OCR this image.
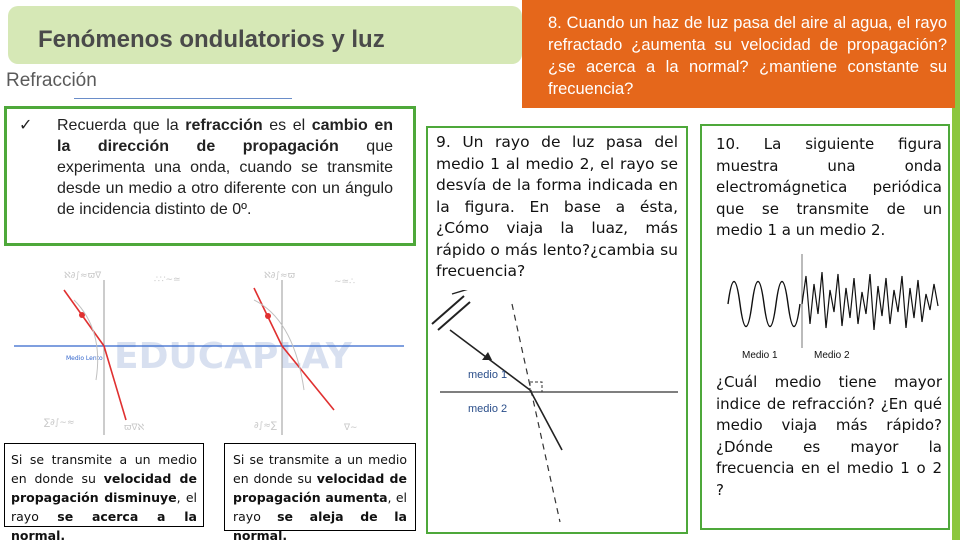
Fenómenos ondulatorios y luz
Refracción
8. Cuando un haz de luz pasa del aire al agua, el rayo refractado ¿aumenta su velocidad de propagación? ¿se acerca a la normal? ¿mantiene constante su frecuencia?
✓ Recuerda que la refracción es el cambio en la dirección de propagación que experimenta una onda, cuando se transmite desde un medio a otro diferente con un ángulo de incidencia distinto de 0º.
ℵ∂∫≈ϖ∇	∴∵∼≃	ℵ∂∫≈ϖ
∼≃∴
∑∂∫∼≈	ϖ∇ℵ	∂∫≈∑	∇∼
EDUCAPLAY
Medio Lento
Si se transmite a un medio en donde su velocidad de propagación disminuye, el rayo se acerca a la normal.
Si se transmite a un medio en donde su velocidad de propagación aumenta, el rayo se aleja de la normal.
9. Un rayo de luz pasa del medio 1 al medio 2, el rayo se desvía de la forma indicada en la figura. En base a ésta, ¿Cómo viaja la luaz, más rápido o más lento?¿cambia su frecuencia?
medio 1
medio 2
10. La siguiente figura muestra una onda electromágnetica periódica que se transmite de un medio 1 a un medio 2.
Medio 1	Medio 2
¿Cuál medio tiene mayor indice de refracción? ¿En qué medio viaja más rápido? ¿Dónde es mayor la frecuencia en el medio 1 o 2 ?
